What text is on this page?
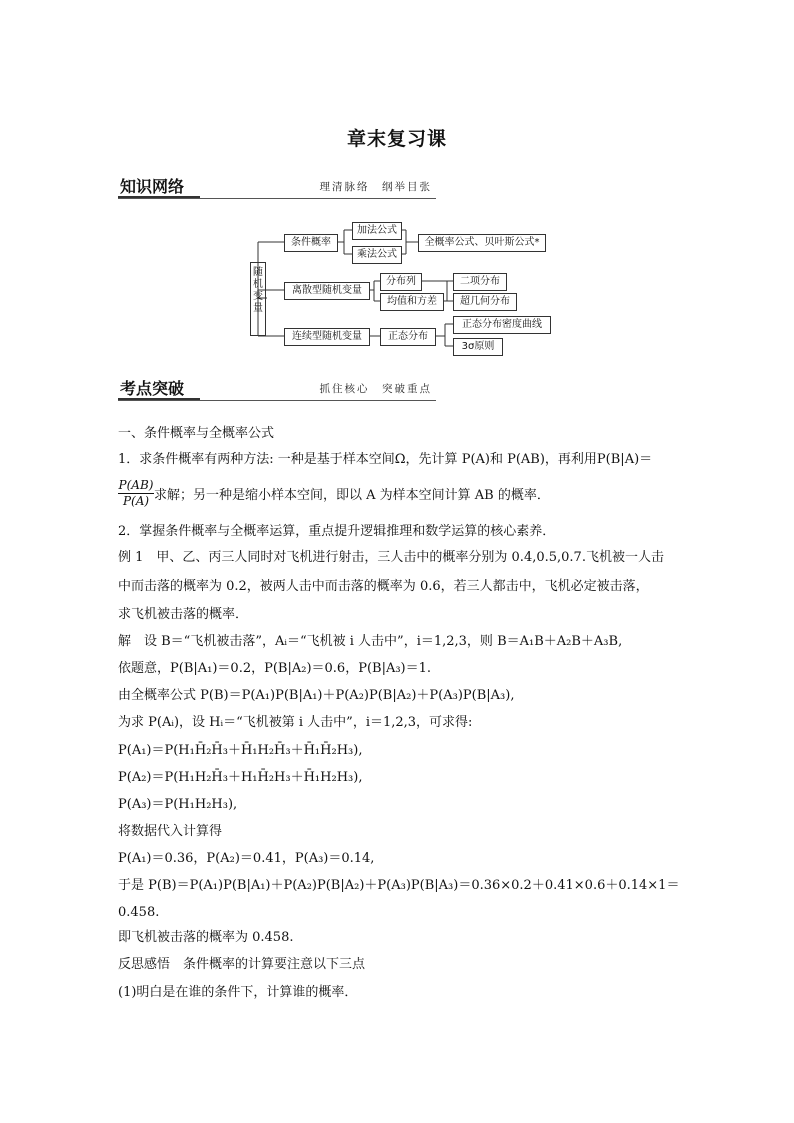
章末复习课
知识网络	理清脉络　纲举目张
随机变量
条件概率
加法公式
乘法公式
全概率公式、贝叶斯公式*
离散型随机变量
分布列
均值和方差
二项分布
超几何分布
连续型随机变量	正态分布
正态分布密度曲线
3σ原则
考点突破	抓住核心　突破重点
一、条件概率与全概率公式
1．求条件概率有两种方法: 一种是基于样本空间Ω，先计算 P(A)和 P(AB)，再利用P(B|A)＝
$\frac{P(AB)}{P(A)}$ 求解；另一种是缩小样本空间，即以 A 为样本空间计算 AB 的概率．
2．掌握条件概率与全概率运算，重点提升逻辑推理和数学运算的核心素养．
例 1　甲、乙、丙三人同时对飞机进行射击，三人击中的概率分别为 0.4,0.5,0.7.飞机被一人击
中而击落的概率为 0.2，被两人击中而击落的概率为 0.6，若三人都击中，飞机必定被击落，
求飞机被击落的概率．
解　设 B＝“飞机被击落”，Aᵢ＝“飞机被 i 人击中”，i＝1,2,3，则 B＝A₁B＋A₂B＋A₃B,
依题意，P(B|A₁)＝0.2，P(B|A₂)＝0.6，P(B|A₃)＝1.
由全概率公式 P(B)＝P(A₁)P(B|A₁)＋P(A₂)P(B|A₂)＋P(A₃)P(B|A₃),
为求 P(Aᵢ)，设 Hᵢ＝“飞机被第 i 人击中”，i＝1,2,3，可求得:
P(A₁)＝P(H₁H̄₂H̄₃＋H̄₁H₂H̄₃＋H̄₁H̄₂H₃),
P(A₂)＝P(H₁H₂H̄₃＋H₁H̄₂H₃＋H̄₁H₂H₃),
P(A₃)＝P(H₁H₂H₃),
将数据代入计算得
P(A₁)＝0.36，P(A₂)＝0.41，P(A₃)＝0.14,
于是 P(B)＝P(A₁)P(B|A₁)＋P(A₂)P(B|A₂)＋P(A₃)P(B|A₃)＝0.36×0.2＋0.41×0.6＋0.14×1＝
0.458.
即飞机被击落的概率为 0.458.
反思感悟　条件概率的计算要注意以下三点
(1)明白是在谁的条件下，计算谁的概率．
